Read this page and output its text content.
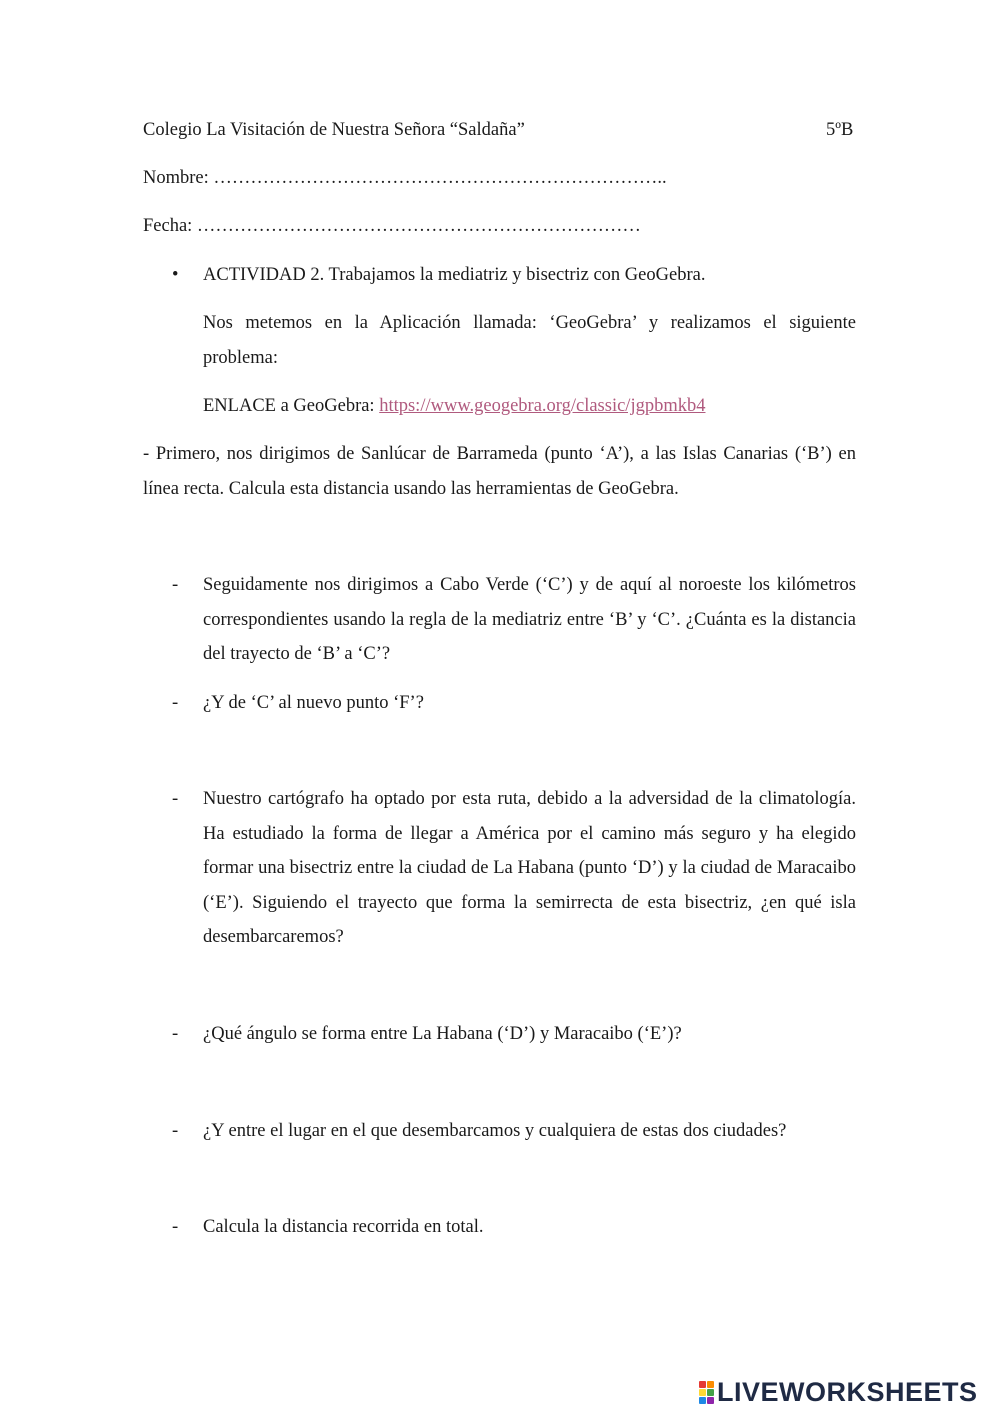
Colegio La Visitación de Nuestra Señora “Saldaña”	5ºB
Nombre: ………………………………………………………………..
Fecha: ………………………………………………………………
• ACTIVIDAD 2. Trabajamos la mediatriz y bisectriz con GeoGebra.
Nos metemos en la Aplicación llamada: ‘GeoGebra’ y realizamos el siguiente problema:
ENLACE a GeoGebra: https://www.geogebra.org/classic/jgpbmkb4
- Primero, nos dirigimos de Sanlúcar de Barrameda (punto ‘A’), a las Islas Canarias (‘B’) en línea recta. Calcula esta distancia usando las herramientas de GeoGebra.
- Seguidamente nos dirigimos a Cabo Verde (‘C’) y de aquí al noroeste los kilómetros correspondientes usando la regla de la mediatriz entre ‘B’ y ‘C’. ¿Cuánta es la distancia del trayecto de ‘B’ a ‘C’?
- ¿Y de ‘C’ al nuevo punto ‘F’?
- Nuestro cartógrafo ha optado por esta ruta, debido a la adversidad de la climatología. Ha estudiado la forma de llegar a América por el camino más seguro y ha elegido formar una bisectriz entre la ciudad de La Habana (punto ‘D’) y la ciudad de Maracaibo (‘E’). Siguiendo el trayecto que forma la semirrecta de esta bisectriz, ¿en qué isla desembarcaremos?
- ¿Qué ángulo se forma entre La Habana (‘D’) y Maracaibo (‘E’)?
- ¿Y entre el lugar en el que desembarcamos y cualquiera de estas dos ciudades?
- Calcula la distancia recorrida en total.
LIVEWORKSHEETS
